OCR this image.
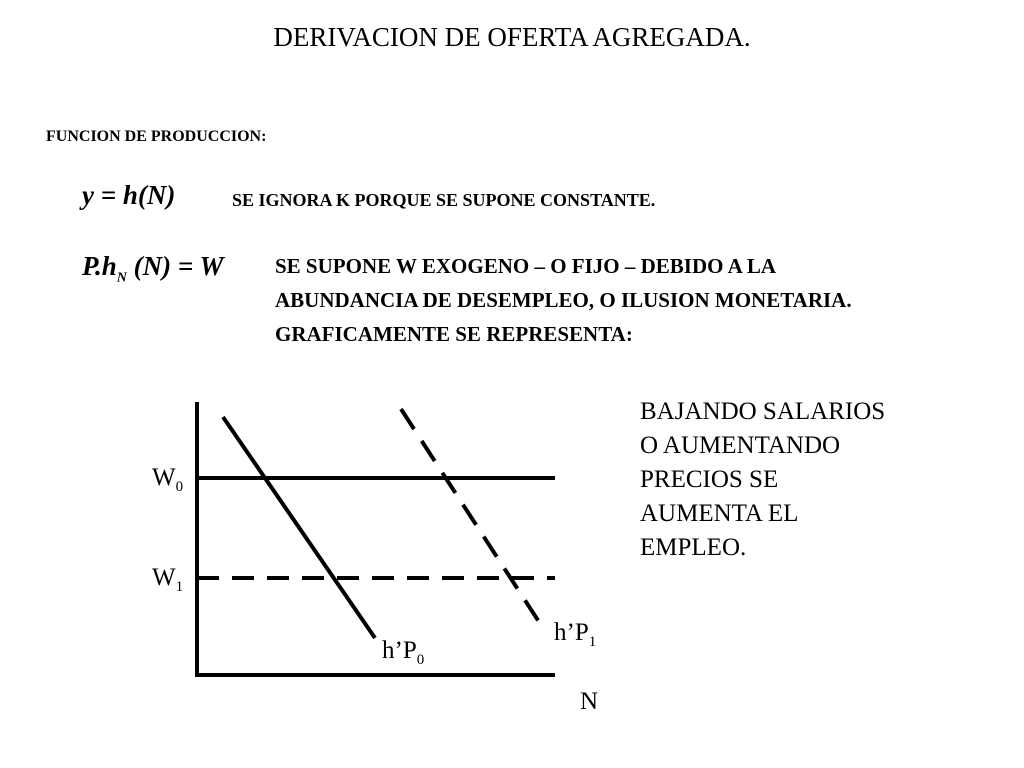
DERIVACION DE OFERTA AGREGADA.
FUNCION DE PRODUCCION:
y = h(N)	SE IGNORA K PORQUE SE SUPONE CONSTANTE.
$P.h_N$ (N) = W SE SUPONE W EXOGENO – O FIJO – DEBIDO A LA ABUNDANCIA DE DESEMPLEO, O ILUSION MONETARIA. GRAFICAMENTE SE REPRESENTA:
BAJANDO SALARIOS O AUMENTANDO PRECIOS SE AUMENTA EL EMPLEO.
$W_0$
$W_1$
$h’P_0$
$h’P_1$
N
